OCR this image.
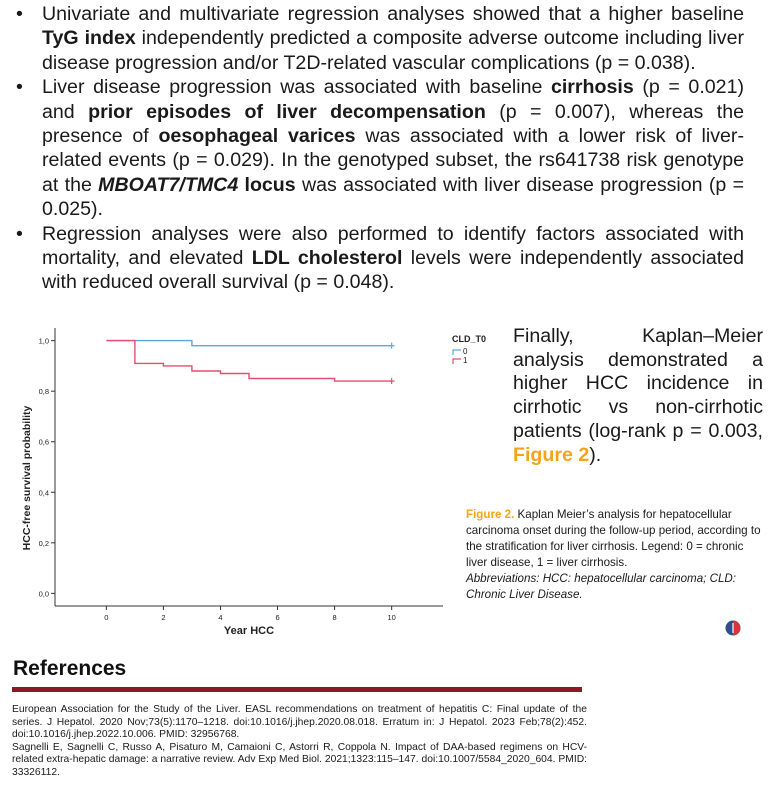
• Univariate and multivariate regression analyses showed that a higher baseline TyG index independently predicted a composite adverse outcome including liver disease progression and/or T2D-related vascular complications (p = 0.038).
• Liver disease progression was associated with baseline cirrhosis (p = 0.021) and prior episodes of liver decompensation (p = 0.007), whereas the presence of oesophageal varices was associated with a lower risk of liver-related events (p = 0.029). In the genotyped subset, the rs641738 risk genotype at the MBOAT7/TMC4 locus was associated with liver disease progression (p = 0.025).
• Regression analyses were also performed to identify factors associated with mortality, and elevated LDL cholesterol levels were independently associated with reduced overall survival (p = 0.048).
0,0
0,2
0,4
0,6
0,8
1,0
0	2	4	6	8	10
CLD_T0
0
1
Year HCC
HCC-free survival probability
Finally, Kaplan–Meier analysis demonstrated a higher HCC incidence in cirrhotic vs non-cirrhotic patients (log-rank p = 0.003, Figure 2).
Figure 2. Kaplan Meier’s analysis for hepatocellular carcinoma onset during the follow-up period, according to the stratification for liver cirrhosis. Legend: 0 = chronic liver disease, 1 = liver cirrhosis.
Abbreviations: HCC: hepatocellular carcinoma; CLD: Chronic Liver Disease.
References
European Association for the Study of the Liver. EASL recommendations on treatment of hepatitis C: Final update of the series. J Hepatol. 2020 Nov;73(5):1170–1218. doi:10.1016/j.jhep.2020.08.018. Erratum in: J Hepatol. 2023 Feb;78(2):452. doi:10.1016/j.jhep.2022.10.006. PMID: 32956768.
Sagnelli E, Sagnelli C, Russo A, Pisaturo M, Camaioni C, Astorri R, Coppola N. Impact of DAA-based regimens on HCV-related extra-hepatic damage: a narrative review. Adv Exp Med Biol. 2021;1323:115–147. doi:10.1007/5584_2020_604. PMID: 33326112.
